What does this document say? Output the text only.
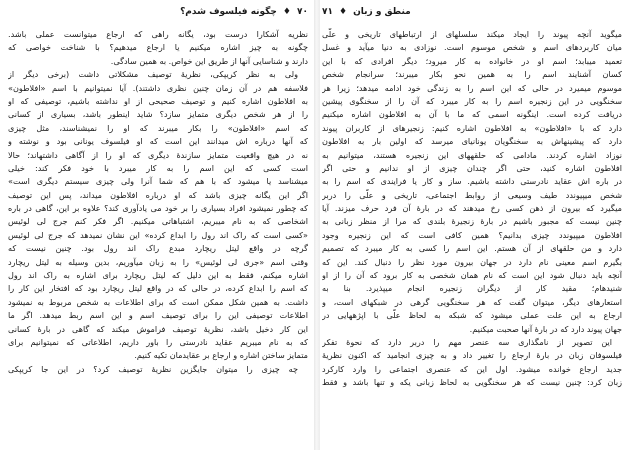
۷۰
♦
چگونه فیلسوف شدم؟
نظریه آشکارا درست بود، یگانه راهی که ارجاع میتوانست عملی باشد.
چگونه به چیز اشاره میکنیم یا ارجاع میدهیم؟ با شناخت خواصی که
دارند و شناسایی آنها از طریق این خواص. به همین سادگی.
ولی به نظر کریپکی، نظریهٔ توصیف مشکلاتی داشت (برخی دیگر از
فلاسفه هم در آن زمان چنین نظری داشتند). آیا نمیتوانیم با اسم «افلاطون»
به افلاطون اشاره کنیم و توصیف صحیحی از او نداشته باشیم، توصیفی که او
را از هر شخص دیگری متمایز سازد؟ شاید اینطور باشد، بسیاری از کسانی
که اسم «افلاطون» را بکار میبرند که او را نمیشناسند، مثل چیزی
که آنها درباره اش میدانند این است که او فیلسوف یونانی بود و نوشته و
نه در هیچ واقعیت متمایز سازندهٔ دیگری که او را از آگاهی داشتهاند؛ حالا
است کسی که این اسم را به کار میبرد با خود فکر کند: خیلی
میشناسد یا میشود که با هم که شما آنرا ولی چیزی سیستم دیگری است»
اگر این یگانه چیزی باشد که او درباره افلاطون میداند، پس این توصیف
که چطور نمیشود افراد بسیاری را بر خود می یادآوری کند؟ علاوه بر این، گاهی در باره
اشخاصی که به نام میبریم، اشتباهاتی میکنیم. اگر فکر کنم جرج لی لوئیس
«کسی است که راک اند رول را ابداع کرده» این نشان نمیدهد که جرج لی لوئیس
گرچه در واقع لیتل ریچارد مبدع راک اند رول بود. چنین نیست که
وقتی اسم «جری لی لوئیس» را به زبان میآوریم، بدین وسیله به لیتل ریچارد
اشاره میکنم، فقط به این دلیل که لیتل ریچارد برای اشاره به راک اند رول
که اسم را ابداع کرده، در حالی که در واقع لیتل ریچارد بود که افتخار این کار را
داشت. به همین شکل ممکن است که برای اطلاعات به شخص مربوط به نمیشود
اطلاعات توصیفی این را برای توصیف اسم و این اسم ربط میدهد. اگر ما
این کار دخیل باشد، نظریهٔ توصیف فراموش میکند که گاهی در بارهٔ کسانی
که به نام میبریم عقاید نادرستی را باور داریم، اطلاعاتی که نمیتوانیم برای
متمایز ساختن اشاره و ارجاع بر عقایدمان تکیه کنیم.
چه چیزی را میتوان جایگزین نظریهٔ توصیف کرد؟ در این جا کریپکی
منطق و زبان
♦
۷۱
میگوید آنچه پیوند را ایجاد میکند سلسلهای از ارتباطهای تاریخی و علّی
میان کاربردهای اسم و شخص موسوم است. نوزادی به دنیا میآید و غسل
تعمید میبابد؛ اسم او در خانواده به کار میرود؛ دیگر افرادی که با این
کسان آشنایند اسم را به همین نحو بکار میبرند؛ سرانجام شخص
موسوم میمیرد در حالی که این اسم را به زندگی خود ادامه میدهد؛ زیرا هر
سخنگویی در این زنجیره اسم را به کار میبرد که آن را از سخنگوی پیشین
دریافت کرده است. اینگونه اسمی که ما با آن به افلاطون اشاره میکنیم
دارد که با «افلاطون» به افلاطون اشاره کنیم: زنجیرهای از کاربران پیوند
دارد که پیشینهاش به سخنگویان یونانیای میرسد که اولین بار به افلاطون
نوزاد اشاره کردند. مادامی که حلقههای این زنجیره هستند، میتوانیم به
افلاطون اشاره کنید، حتی اگر چندان چیزی از او ندانیم و حتی اگر
در باره اش عقاید نادرستی داشته باشیم. ساز و کار یا فرایندی که اسم را به
شخص میپیوندد طیف وسیعی از روابط اجتماعی، تاریخی و علّی را دربر
میگیرد که بیرون از ذهن کسی رخ میدهند که در بارهٔ آن فرد حرف میزند. آیا
چنین نیست که مجبور باشیم در بارهٔ زنجیرهٔ بلندی که مرا از منظر زبانی به
افلاطون میپیوندد چیزی بدانیم؟ همین کافی است که این زنجیره وجود
دارد و من حلقهای از آن هستم. این اسم را کسی به کار میبرد که تصمیم
بگیرم اسم معینی نام دارد در جهان بیرون مورد نظر را دنبال کند. این که
آنچه باید دنبال شود این است که نام همان شخصی به کار برود که آن را از او
شنیدهام؛ مقید کار از دیگران زنجیره انجام میپذیرد. بنا به
استعارهای دیگر، میتوان گفت که هر سخنگویی گرهی در شبکهای است، و
ارجاع به این علت عملی میشود که شبکه به لحاظ علّی با اپژههایی در
جهان پیوند دارد که در بارهٔ آنها صحبت میکنیم.
این تصویر از نامگذاری سه عنصر مهم را دربر دارد که نحوهٔ تفکر
فیلسوفان زبان در بارهٔ ارجاع را تغییر داد و به چیزی انجامید که اکنون نظریهٔ
جدید ارجاع خوانده میشود. اول این که عنصری اجتماعی را وارد کارکرد
زبان کرد: چنین نیست که هر سخنگویی به لحاظ زبانی یکه و تنها باشد و فقط
